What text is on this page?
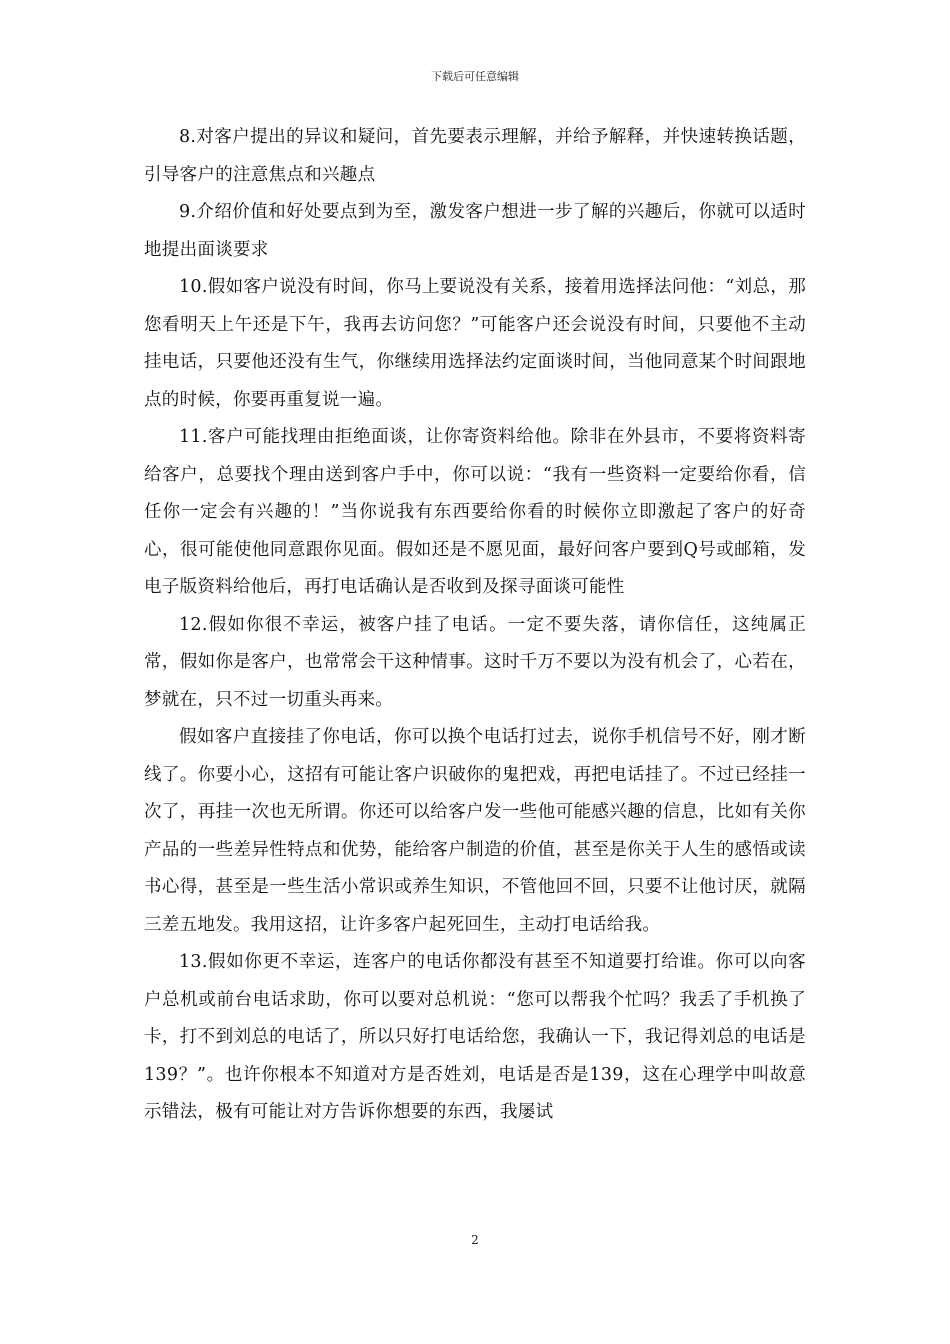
下载后可任意编辑

8.对客户提出的异议和疑问，首先要表示理解，并给予解释，并快速转换话题，引导客户的注意焦点和兴趣点

9.介绍价值和好处要点到为至，激发客户想进一步了解的兴趣后，你就可以适时地提出面谈要求

10.假如客户说没有时间，你马上要说没有关系，接着用选择法问他：“刘总，那您看明天上午还是下午，我再去访问您？”可能客户还会说没有时间，只要他不主动挂电话，只要他还没有生气，你继续用选择法约定面谈时间，当他同意某个时间跟地点的时候，你要再重复说一遍。

11.客户可能找理由拒绝面谈，让你寄资料给他。除非在外县市，不要将资料寄给客户，总要找个理由送到客户手中，你可以说：“我有一些资料一定要给你看，信任你一定会有兴趣的！”当你说我有东西要给你看的时候你立即激起了客户的好奇心，很可能使他同意跟你见面。假如还是不愿见面，最好问客户要到Q号或邮箱，发电子版资料给他后，再打电话确认是否收到及探寻面谈可能性

12.假如你很不幸运，被客户挂了电话。一定不要失落，请你信任，这纯属正常，假如你是客户，也常常会干这种情事。这时千万不要以为没有机会了，心若在，梦就在，只不过一切重头再来。

假如客户直接挂了你电话，你可以换个电话打过去，说你手机信号不好，刚才断线了。你要小心，这招有可能让客户识破你的鬼把戏，再把电话挂了。不过已经挂一次了，再挂一次也无所谓。你还可以给客户发一些他可能感兴趣的信息，比如有关你产品的一些差异性特点和优势，能给客户制造的价值，甚至是你关于人生的感悟或读书心得，甚至是一些生活小常识或养生知识，不管他回不回，只要不让他讨厌，就隔三差五地发。我用这招，让许多客户起死回生，主动打电话给我。

13.假如你更不幸运，连客户的电话你都没有甚至不知道要打给谁。你可以向客户总机或前台电话求助，你可以要对总机说：“您可以帮我个忙吗？我丢了手机换了卡，打不到刘总的电话了，所以只好打电话给您，我确认一下，我记得刘总的电话是139？”。也许你根本不知道对方是否姓刘，电话是否是139，这在心理学中叫故意示错法，极有可能让对方告诉你想要的东西，我屡试

2
